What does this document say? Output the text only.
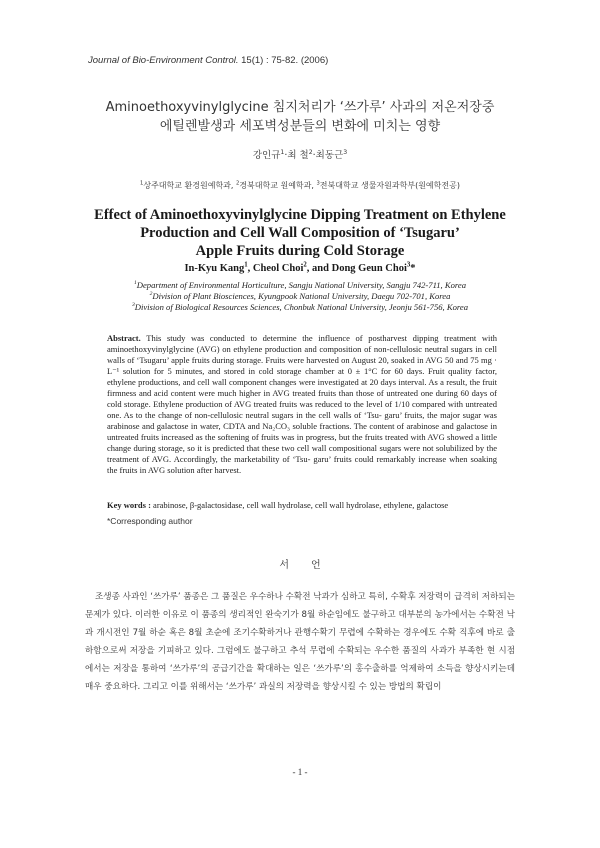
Journal of Bio-Environment Control. 15(1) : 75-82. (2006)
Aminoethoxyvinylglycine 침지처리가 ‘쓰가루’ 사과의 저온저장중
에틸렌발생과 세포벽성분들의 변화에 미치는 영향
강인규$^1$·최 철$^2$·최동근$^3$
$^1$상주대학교 환경원예학과, $^2$경북대학교 원예학과, $^3$전북대학교 생물자원과학부(원예학전공)
Effect of Aminoethoxyvinylglycine Dipping Treatment on Ethylene
Production and Cell Wall Composition of ‘Tsugaru’
Apple Fruits during Cold Storage
In-Kyu Kang$^1$, Cheol Choi$^2$, and Dong Geun Choi$^3$*
$^1$Department of Environmental Horticulture, Sangju National University, Sangju 742-711, Korea
$^2$Division of Plant Biosciences, Kyungpook National University, Daegu 702-701, Korea
$^3$Division of Biological Resources Sciences, Chonbuk National University, Jeonju 561-756, Korea
Abstract. This study was conducted to determine the influence of postharvest dipping treatment with aminoethoxyvinylglycine (AVG) on ethylene production and composition of non-cellulosic neutral sugars in cell walls of ‘Tsugaru’ apple fruits during storage. Fruits were harvested on August 20, soaked in AVG 50 and 75 mg · L⁻¹ solution for 5 minutes, and stored in cold storage chamber at 0 ± 1°C for 60 days. Fruit quality factor, ethylene productions, and cell wall component changes were investigated at 20 days interval. As a result, the fruit firmness and acid content were much higher in AVG treated fruits than those of untreated one during 60 days of cold storage. Ethylene production of AVG treated fruits was reduced to the level of 1/10 compared with untreated one. As to the change of non-cellulosic neutral sugars in the cell walls of ‘Tsu- garu’ fruits, the major sugar was arabinose and galactose in water, CDTA and Na₂CO₃ soluble fractions. The content of arabinose and galactose in untreated fruits increased as the softening of fruits was in progress, but the fruits treated with AVG showed a little change during storage, so it is predicted that these two cell wall compositional sugars were not solubilized by the treatment of AVG. Accordingly, the marketability of ‘Tsu- garu’ fruits could remarkably increase when soaking the fruits in AVG solution after harvest.
Key words : arabinose, β-galactosidase, cell wall hydrolase, cell wall hydrolase, ethylene, galactose
*Corresponding author
서언
조생종 사과인 ‘쓰가루’ 품종은 그 품질은 우수하나 수확전 낙과가 심하고 특히, 수확후 저장력이 급격히 저하되는 문제가 있다. 이러한 이유로 이 품종의 생리적인 완숙기가 8월 하순임에도 불구하고 대부분의 농가에서는 수확전 낙과 개시전인 7월 하순 혹은 8월 초순에 조기수확하거나 관행수확기 무렵에 수확하는 경우에도 수확 직후에 바로 출하함으로써 저장을 기피하고 있다. 그럼에도 불구하고 추석 무렵에 수확되는 우수한 품질의 사과가 부족한 현 시점에서는 저장을 통하여 ‘쓰가루’의 공급기간을 확대하는 일은 ‘쓰가루’의 홍수출하를 억제하여 소득을 향상시키는데 매우 중요하다. 그리고 이를 위해서는 ‘쓰가루’ 과실의 저장력을 향상시킬 수 있는 방법의 확립이
- 1 -
